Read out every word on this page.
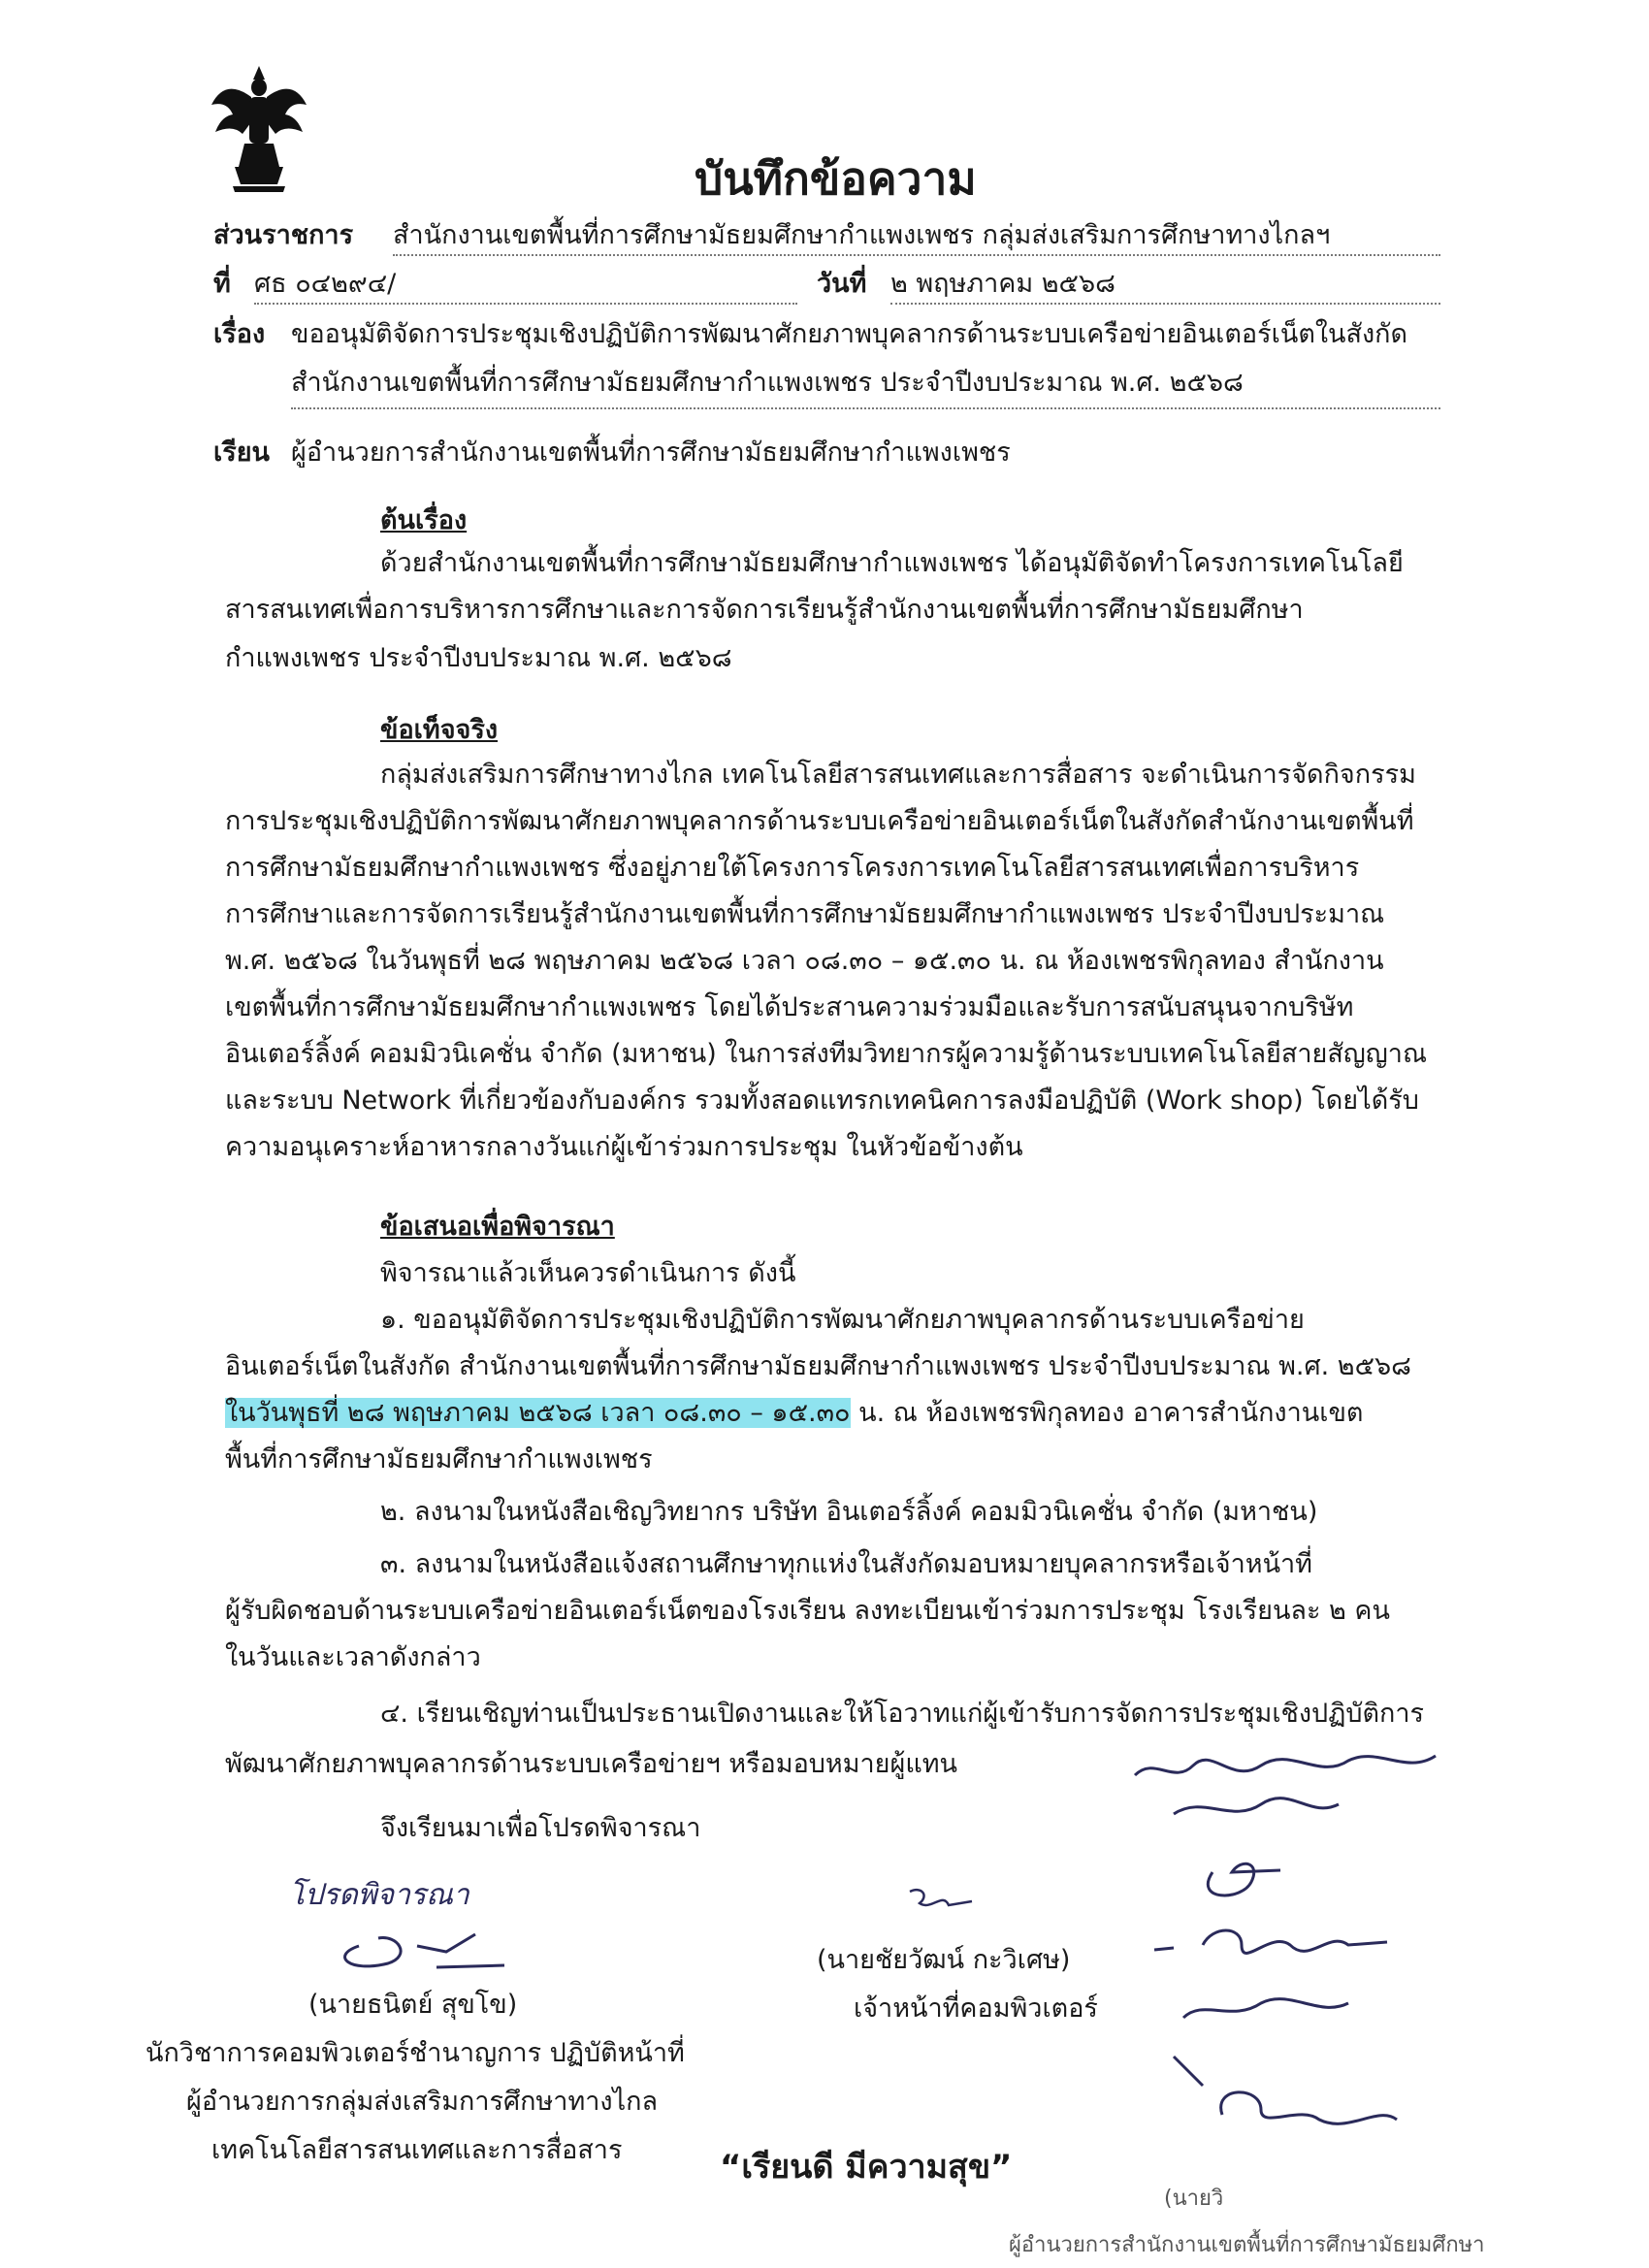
บันทึกข้อความ
ส่วนราชการ สำนักงานเขตพื้นที่การศึกษามัธยมศึกษากำแพงเพชร กลุ่มส่งเสริมการศึกษาทางไกลฯ
ที่ ศธ ๐๔๒๙๔/	วันที่ ๒ พฤษภาคม ๒๕๖๘
เรื่อง ขออนุมัติจัดการประชุมเชิงปฏิบัติการพัฒนาศักยภาพบุคลากรด้านระบบเครือข่ายอินเตอร์เน็ตในสังกัด
สำนักงานเขตพื้นที่การศึกษามัธยมศึกษากำแพงเพชร ประจำปีงบประมาณ พ.ศ. ๒๕๖๘
เรียน ผู้อำนวยการสำนักงานเขตพื้นที่การศึกษามัธยมศึกษากำแพงเพชร
ต้นเรื่อง
ด้วยสำนักงานเขตพื้นที่การศึกษามัธยมศึกษากำแพงเพชร ได้อนุมัติจัดทำโครงการเทคโนโลยี
สารสนเทศเพื่อการบริหารการศึกษาและการจัดการเรียนรู้สำนักงานเขตพื้นที่การศึกษามัธยมศึกษา
กำแพงเพชร ประจำปีงบประมาณ พ.ศ. ๒๕๖๘
ข้อเท็จจริง
กลุ่มส่งเสริมการศึกษาทางไกล เทคโนโลยีสารสนเทศและการสื่อสาร จะดำเนินการจัดกิจกรรม
การประชุมเชิงปฏิบัติการพัฒนาศักยภาพบุคลากรด้านระบบเครือข่ายอินเตอร์เน็ตในสังกัดสำนักงานเขตพื้นที่
การศึกษามัธยมศึกษากำแพงเพชร ซึ่งอยู่ภายใต้โครงการโครงการเทคโนโลยีสารสนเทศเพื่อการบริหาร
การศึกษาและการจัดการเรียนรู้สำนักงานเขตพื้นที่การศึกษามัธยมศึกษากำแพงเพชร ประจำปีงบประมาณ
พ.ศ. ๒๕๖๘ ในวันพุธที่ ๒๘ พฤษภาคม ๒๕๖๘ เวลา ๐๘.๓๐ – ๑๕.๓๐ น. ณ ห้องเพชรพิกุลทอง สำนักงาน
เขตพื้นที่การศึกษามัธยมศึกษากำแพงเพชร โดยได้ประสานความร่วมมือและรับการสนับสนุนจากบริษัท
อินเตอร์ลิ้งค์ คอมมิวนิเคชั่น จำกัด (มหาชน) ในการส่งทีมวิทยากรผู้ความรู้ด้านระบบเทคโนโลยีสายสัญญาณ
และระบบ Network ที่เกี่ยวข้องกับองค์กร รวมทั้งสอดแทรกเทคนิคการลงมือปฏิบัติ (Work shop) โดยได้รับ
ความอนุเคราะห์อาหารกลางวันแก่ผู้เข้าร่วมการประชุม ในหัวข้อข้างต้น
ข้อเสนอเพื่อพิจารณา
พิจารณาแล้วเห็นควรดำเนินการ ดังนี้
๑. ขออนุมัติจัดการประชุมเชิงปฏิบัติการพัฒนาศักยภาพบุคลากรด้านระบบเครือข่าย
อินเตอร์เน็ตในสังกัด สำนักงานเขตพื้นที่การศึกษามัธยมศึกษากำแพงเพชร ประจำปีงบประมาณ พ.ศ. ๒๕๖๘
ในวันพุธที่ ๒๘ พฤษภาคม ๒๕๖๘ เวลา ๐๘.๓๐ – ๑๕.๓๐ น. ณ ห้องเพชรพิกุลทอง อาคารสำนักงานเขต
พื้นที่การศึกษามัธยมศึกษากำแพงเพชร
๒. ลงนามในหนังสือเชิญวิทยากร บริษัท อินเตอร์ลิ้งค์ คอมมิวนิเคชั่น จำกัด (มหาชน)
๓. ลงนามในหนังสือแจ้งสถานศึกษาทุกแห่งในสังกัดมอบหมายบุคลากรหรือเจ้าหน้าที่
ผู้รับผิดชอบด้านระบบเครือข่ายอินเตอร์เน็ตของโรงเรียน ลงทะเบียนเข้าร่วมการประชุม โรงเรียนละ ๒ คน
ในวันและเวลาดังกล่าว
๔. เรียนเชิญท่านเป็นประธานเปิดงานและให้โอวาทแก่ผู้เข้ารับการจัดการประชุมเชิงปฏิบัติการ
พัฒนาศักยภาพบุคลากรด้านระบบเครือข่ายฯ หรือมอบหมายผู้แทน
จึงเรียนมาเพื่อโปรดพิจารณา
โปรดพิจารณา
(นายธนิตย์ สุขโข)
นักวิชาการคอมพิวเตอร์ชำนาญการ ปฏิบัติหน้าที่
ผู้อำนวยการกลุ่มส่งเสริมการศึกษาทางไกล
เทคโนโลยีสารสนเทศและการสื่อสาร
(นายชัยวัฒน์ กะวิเศษ)
เจ้าหน้าที่คอมพิวเตอร์
“เรียนดี มีความสุข”
(นายวิ
ผู้อำนวยการสำนักงานเขตพื้นที่การศึกษามัธยมศึกษา
